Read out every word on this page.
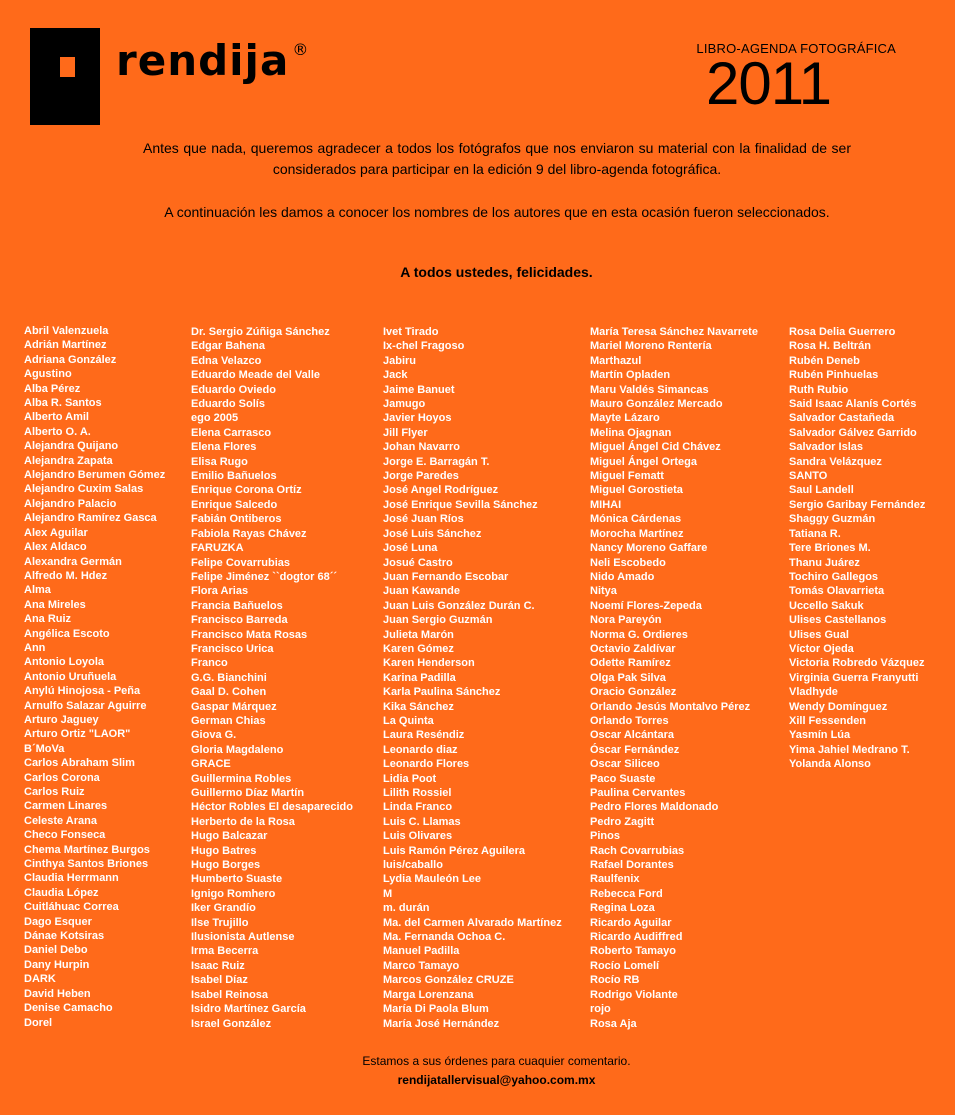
rendija ®	LIBRO-AGENDA FOTOGRÁFICA
2011
Antes que nada, queremos agradecer a todos los fotógrafos que nos enviaron su material con la finalidad de ser considerados para participar en la edición 9 del libro-agenda fotográfica.
A continuación les damos a conocer los nombres de los autores que en esta ocasión fueron seleccionados.
A todos ustedes, felicidades.
Abril Valenzuela
Adrián Martínez
Adriana González
Agustino
Alba Pérez
Alba R. Santos
Alberto Amil
Alberto O. A.
Alejandra Quijano
Alejandra Zapata
Alejandro Berumen Gómez
Alejandro Cuxim Salas
Alejandro Palacio
Alejandro Ramírez Gasca
Alex Aguilar
Alex Aldaco
Alexandra Germán
Alfredo M. Hdez
Alma
Ana Mireles
Ana Ruiz
Angélica Escoto
Ann
Antonio Loyola
Antonio Uruñuela
Anylú Hinojosa - Peña
Arnulfo Salazar Aguirre
Arturo Jaguey
Arturo Ortiz "LAOR"
B´MoVa
Carlos Abraham Slim
Carlos Corona
Carlos Ruiz
Carmen Linares
Celeste Arana
Checo Fonseca
Chema Martínez Burgos
Cinthya Santos Briones
Claudia Herrmann
Claudia López
Cuitláhuac Correa
Dago Esquer
Dánae Kotsiras
Daniel Debo
Dany Hurpin
DARK
David Heben
Denise Camacho
Dorel
Dr. Sergio Zúñiga Sánchez
Edgar Bahena
Edna Velazco
Eduardo Meade del Valle
Eduardo Oviedo
Eduardo Solís
ego 2005
Elena Carrasco
Elena Flores
Elisa Rugo
Emilio Bañuelos
Enrique Corona Ortíz
Enrique Salcedo
Fabián Ontiberos
Fabiola Rayas Chávez
FARUZKA
Felipe Covarrubias
Felipe Jiménez ``dogtor 68´´
Flora Arias
Francia Bañuelos
Francisco Barreda
Francisco Mata Rosas
Francisco Urica
Franco
G.G. Bianchini
Gaal D. Cohen
Gaspar Márquez
German Chias
Giova G.
Gloria Magdaleno
GRACE
Guillermina Robles
Guillermo Díaz Martín
Héctor Robles El desaparecido
Herberto de la Rosa
Hugo Balcazar
Hugo Batres
Hugo Borges
Humberto Suaste
Ignigo Romhero
Iker Grandío
Ilse Trujillo
Ilusionista Autlense
Irma Becerra
Isaac Ruiz
Isabel Díaz
Isabel Reinosa
Isidro Martínez García
Israel González
Ivet Tirado
Ix-chel Fragoso
Jabiru
Jack
Jaime Banuet
Jamugo
Javier Hoyos
Jill Flyer
Johan Navarro
Jorge E. Barragán T.
Jorge Paredes
José Angel Rodríguez
José Enrique Sevilla Sánchez
José Juan Ríos
José Luis Sánchez
José Luna
Josué Castro
Juan Fernando Escobar
Juan Kawande
Juan Luis González Durán C.
Juan Sergio Guzmán
Julieta Marón
Karen Gómez
Karen Henderson
Karina Padilla
Karla Paulina Sánchez
Kika Sánchez
La Quinta
Laura Reséndiz
Leonardo diaz
Leonardo Flores
Lidia Poot
Lilith Rossiel
Linda Franco
Luis C. Llamas
Luis Olivares
Luis Ramón Pérez Aguilera
luis/caballo
Lydia Mauleón Lee
M
m. durán
Ma. del Carmen Alvarado Martínez
Ma. Fernanda Ochoa C.
Manuel Padilla
Marco Tamayo
Marcos González CRUZE
Marga Lorenzana
María Di Paola Blum
María José Hernández
María Teresa Sánchez Navarrete
Mariel Moreno Rentería
Marthazul
Martín Opladen
Maru Valdés Simancas
Mauro González Mercado
Mayte Lázaro
Melina Ojagnan
Miguel Ángel Cid Chávez
Miguel Ángel Ortega
Miguel Fematt
Miguel Gorostieta
MIHAI
Mónica Cárdenas
Morocha Martínez
Nancy Moreno Gaffare
Neli Escobedo
Nido Amado
Nitya
Noemí Flores-Zepeda
Nora Pareyón
Norma G. Ordieres
Octavio Zaldívar
Odette Ramírez
Olga Pak Silva
Oracio González
Orlando Jesús Montalvo Pérez
Orlando Torres
Oscar Alcántara
Óscar Fernández
Oscar Siliceo
Paco Suaste
Paulina Cervantes
Pedro Flores Maldonado
Pedro Zagitt
Pinos
Rach Covarrubias
Rafael Dorantes
Raulfenix
Rebecca Ford
Regina Loza
Ricardo Aguilar
Ricardo Audiffred
Roberto Tamayo
Rocío Lomelí
Rocío RB
Rodrigo Violante
rojo
Rosa Aja
Rosa Delia Guerrero
Rosa H. Beltrán
Rubén Deneb
Rubén Pinhuelas
Ruth Rubio
Said Isaac Alanís Cortés
Salvador Castañeda
Salvador Gálvez Garrido
Salvador Islas
Sandra Velázquez
SANTO
Saul Landell
Sergio Garibay Fernández
Shaggy Guzmán
Tatiana R.
Tere Briones M.
Thanu Juárez
Tochiro Gallegos
Tomás Olavarrieta
Uccello Sakuk
Ulises Castellanos
Ulises Gual
Víctor Ojeda
Victoria Robredo Vázquez
Virginia Guerra Franyutti
Vladhyde
Wendy Domínguez
Xill Fessenden
Yasmín Lúa
Yima Jahiel Medrano T.
Yolanda Alonso
Estamos a sus órdenes para cuaquier comentario.
rendijatallervisual@yahoo.com.mx
